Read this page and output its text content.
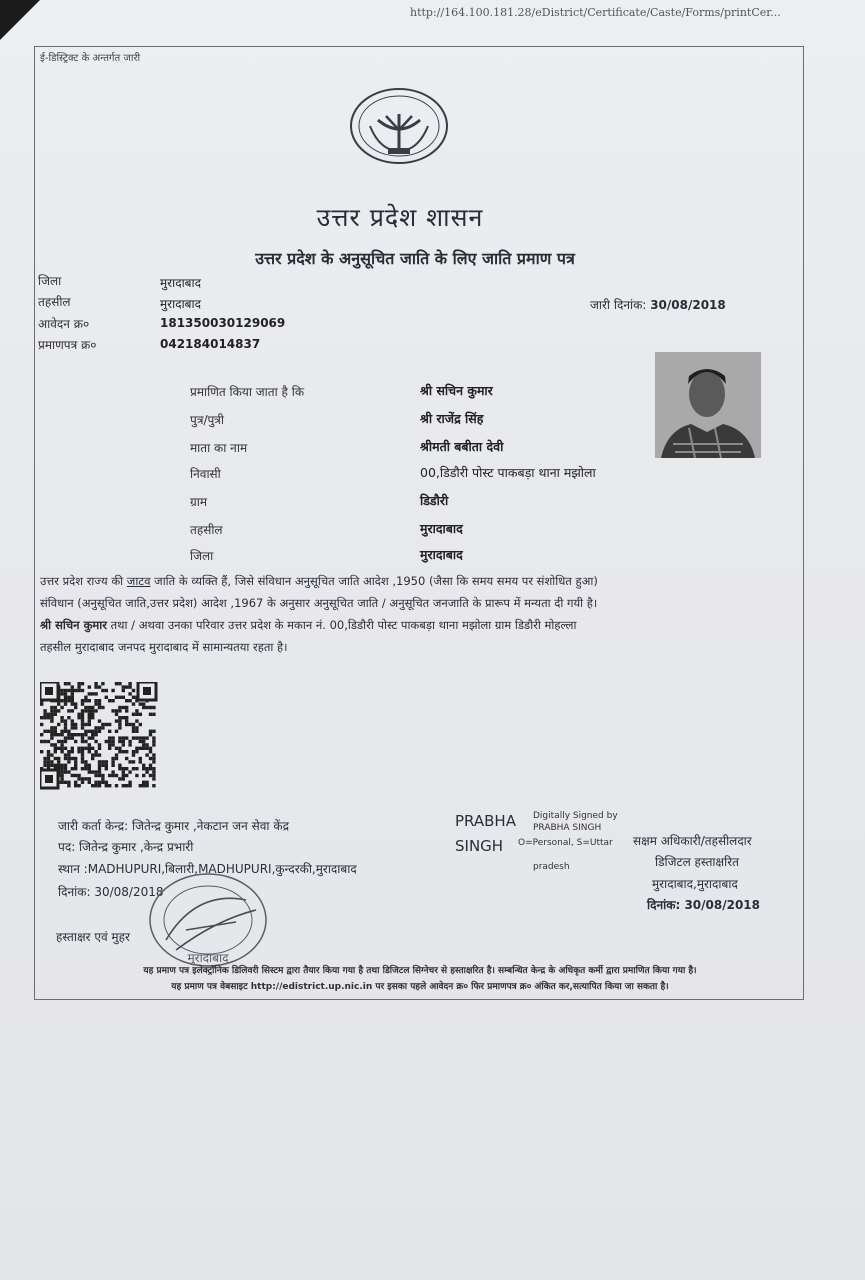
http://164.100.181.28/eDistrict/Certificate/Caste/Forms/printCer...
ई-डिस्ट्रिक्ट के अन्तर्गत जारी
उत्तर प्रदेश शासन
उत्तर प्रदेश के अनुसूचित जाति के लिए जाति प्रमाण पत्र
जिला	मुरादाबाद
तहसील	मुरादाबाद
आवेदन क्र०	181350030129069
प्रमाणपत्र क्र०	042184014837
जारी दिनांक: 30/08/2018
प्रमाणित किया जाता है कि	श्री सचिन कुमार
पुत्र/पुत्री	श्री राजेंद्र सिंह
माता का नाम	श्रीमती बबीता देवी
निवासी	00,डिडौरी पोस्ट पाकबड़ा थाना मझोला
ग्राम	डिडौरी
तहसील	मुरादाबाद
जिला	मुरादाबाद
उत्तर प्रदेश राज्य की जाटव जाति के व्यक्ति हैं, जिसे संविधान अनुसूचित जाति आदेश ,1950 (जैसा कि समय समय पर संशोधित हुआ)
संविधान (अनुसूचित जाति,उत्तर प्रदेश) आदेश ,1967 के अनुसार अनुसूचित जाति / अनुसूचित जनजाति के प्रारूप में मन्यता दी गयी है।
श्री सचिन कुमार तथा / अथवा उनका परिवार उत्तर प्रदेश के मकान नं. 00,डिडौरी पोस्ट पाकबड़ा थाना मझोला ग्राम डिडौरी मोहल्ला
तहसील मुरादाबाद जनपद मुरादाबाद में सामान्यतया रहता है।
जारी कर्ता केन्द्र: जितेन्द्र कुमार ,नेकटान जन सेवा केंद्र
पद: जितेन्द्र कुमार ,केन्द्र प्रभारी
स्थान :MADHUPURI,बिलारी,MADHUPURI,कुन्दरकी,मुरादाबाद
दिनांक: 30/08/2018
हस्ताक्षर एवं मुहर
मुरादाबाद
PRABHA
SINGH
Digitally Signed by
PRABHA SINGH
O=Personal, S=Uttar
pradesh
सक्षम अधिकारी/तहसीलदार
डिजिटल हस्ताक्षरित
मुरादाबाद,मुरादाबाद
दिनांक: 30/08/2018
यह प्रमाण पत्र इलेक्ट्रॉनिक डिलिवरी सिस्टम द्वारा तैयार किया गया है तथा डिजिटल सिग्नेचर से हस्ताक्षरित है। सम्बन्धित केन्द्र के अधिकृत कर्मी द्वारा प्रमाणित किया गया है।
यह प्रमाण पत्र वेबसाइट http://edistrict.up.nic.in पर इसका पहले आवेदन क्र० फिर प्रमाणपत्र क्र० अंकित कर,सत्यापित किया जा सकता है।
